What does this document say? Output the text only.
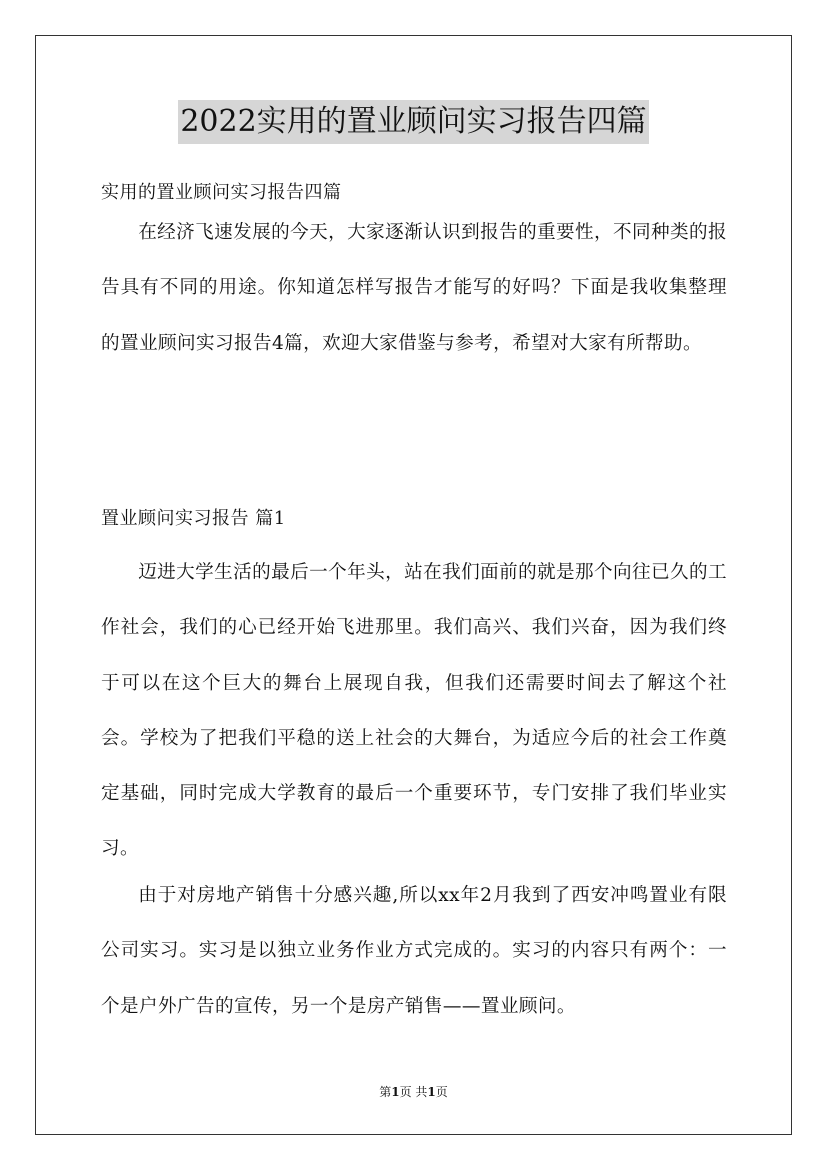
2022实用的置业顾问实习报告四篇
实用的置业顾问实习报告四篇

在经济飞速发展的今天，大家逐渐认识到报告的重要性，不同种类的报告具有不同的用途。你知道怎样写报告才能写的好吗？下面是我收集整理的置业顾问实习报告4篇，欢迎大家借鉴与参考，希望对大家有所帮助。

置业顾问实习报告 篇1

迈进大学生活的最后一个年头，站在我们面前的就是那个向往已久的工作社会，我们的心已经开始飞进那里。我们高兴、我们兴奋，因为我们终于可以在这个巨大的舞台上展现自我，但我们还需要时间去了解这个社会。学校为了把我们平稳的送上社会的大舞台，为适应今后的社会工作奠定基础，同时完成大学教育的最后一个重要环节，专门安排了我们毕业实习。

由于对房地产销售十分感兴趣,所以xx年2月我到了西安冲鸣置业有限公司实习。实习是以独立业务作业方式完成的。实习的内容只有两个：一个是户外广告的宣传，另一个是房产销售——置业顾问。

第1页 共1页
